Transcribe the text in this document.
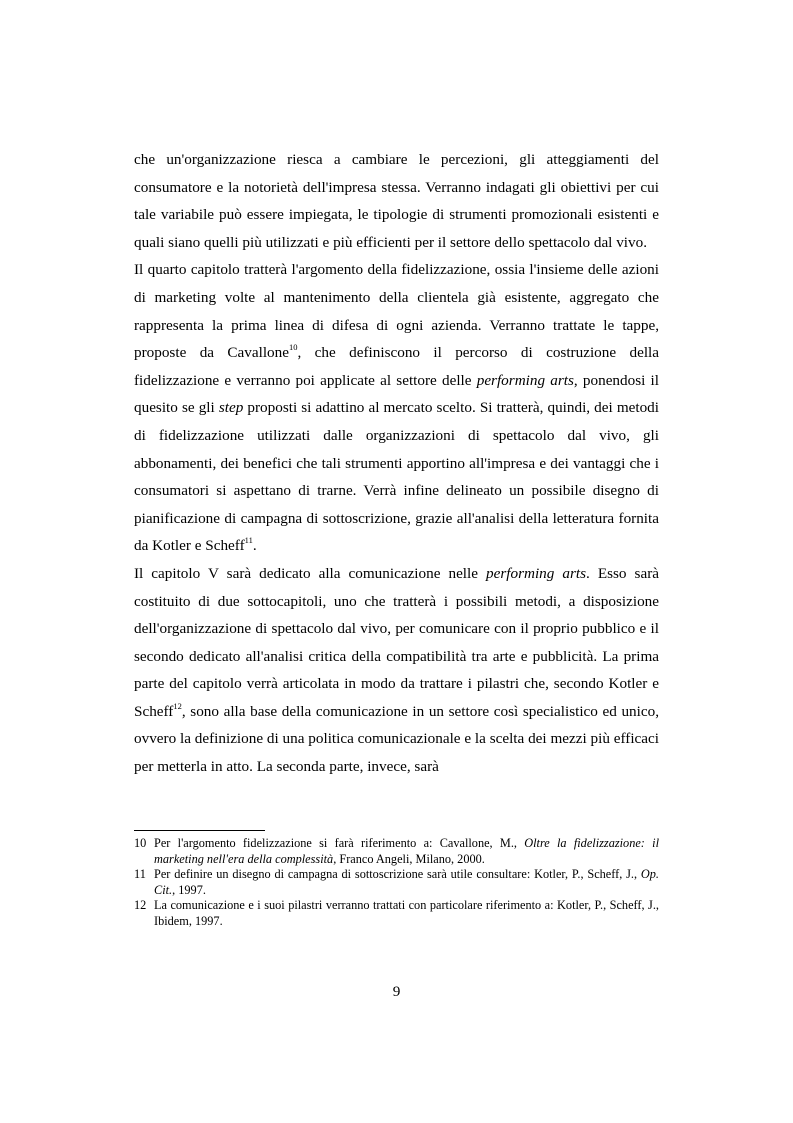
che un'organizzazione riesca a cambiare le percezioni, gli atteggiamenti del consumatore e la notorietà dell'impresa stessa. Verranno indagati gli obiettivi per cui tale variabile può essere impiegata, le tipologie di strumenti promozionali esistenti e quali siano quelli più utilizzati e più efficienti per il settore dello spettacolo dal vivo.

Il quarto capitolo tratterà l'argomento della fidelizzazione, ossia l'insieme delle azioni di marketing volte al mantenimento della clientela già esistente, aggregato che rappresenta la prima linea di difesa di ogni azienda. Verranno trattate le tappe, proposte da Cavallone$^{10}$, che definiscono il percorso di costruzione della fidelizzazione e verranno poi applicate al settore delle performing arts, ponendosi il quesito se gli step proposti si adattino al mercato scelto. Si tratterà, quindi, dei metodi di fidelizzazione utilizzati dalle organizzazioni di spettacolo dal vivo, gli abbonamenti, dei benefici che tali strumenti apportino all'impresa e dei vantaggi che i consumatori si aspettano di trarne. Verrà infine delineato un possibile disegno di pianificazione di campagna di sottoscrizione, grazie all'analisi della letteratura fornita da Kotler e Scheff$^{11}$.

Il capitolo V sarà dedicato alla comunicazione nelle performing arts. Esso sarà costituito di due sottocapitoli, uno che tratterà i possibili metodi, a disposizione dell'organizzazione di spettacolo dal vivo, per comunicare con il proprio pubblico e il secondo dedicato all'analisi critica della compatibilità tra arte e pubblicità. La prima parte del capitolo verrà articolata in modo da trattare i pilastri che, secondo Kotler e Scheff$^{12}$, sono alla base della comunicazione in un settore così specialistico ed unico, ovvero la definizione di una politica comunicazionale e la scelta dei mezzi più efficaci per metterla in atto. La seconda parte, invece, sarà

10 Per l'argomento fidelizzazione si farà riferimento a: Cavallone, M., Oltre la fidelizzazione: il marketing nell'era della complessità, Franco Angeli, Milano, 2000.
11 Per definire un disegno di campagna di sottoscrizione sarà utile consultare: Kotler, P., Scheff, J., Op. Cit., 1997.
12 La comunicazione e i suoi pilastri verranno trattati con particolare riferimento a: Kotler, P., Scheff, J., Ibidem, 1997.
9
